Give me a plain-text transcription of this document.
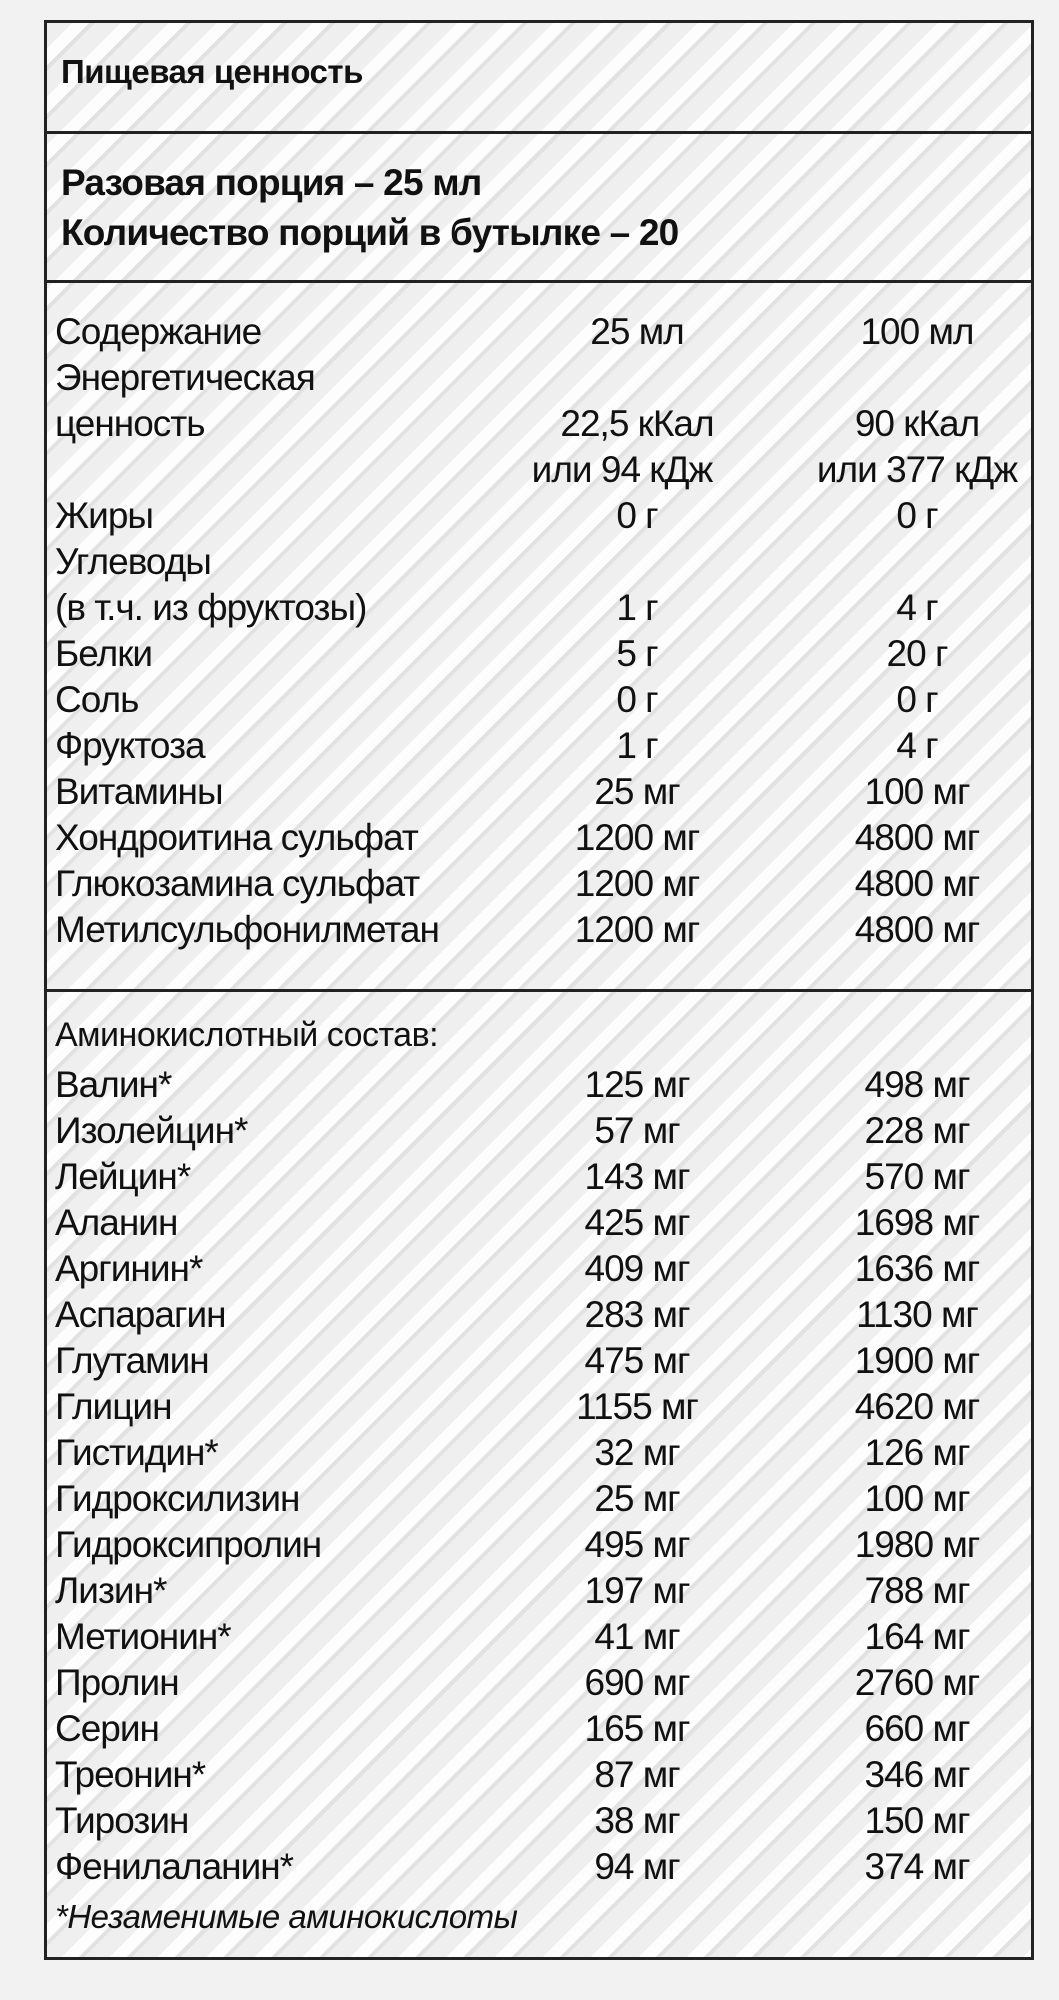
Пищевая ценность
Разовая порция – 25 мл
Количество порций в бутылке – 20
Содержание	25 мл	100 мл
Энергетическая
ценность	22,5 кКал	90 кКал
или 94 кДж	или 377 кДж
Жиры	0 г	0 г
Углеводы
(в т.ч. из фруктозы)	1 г	4 г
Белки	5 г	20 г
Соль	0 г	0 г
Фруктоза	1 г	4 г
Витамины	25 мг	100 мг
Хондроитина сульфат	1200 мг	4800 мг
Глюкозамина сульфат	1200 мг	4800 мг
Метилсульфонилметан	1200 мг	4800 мг
Аминокислотный состав:
Валин*	125 мг	498 мг
Изолейцин*	57 мг	228 мг
Лейцин*	143 мг	570 мг
Аланин	425 мг	1698 мг
Аргинин*	409 мг	1636 мг
Аспарагин	283 мг	1130 мг
Глутамин	475 мг	1900 мг
Глицин	1155 мг	4620 мг
Гистидин*	32 мг	126 мг
Гидроксилизин	25 мг	100 мг
Гидроксипролин	495 мг	1980 мг
Лизин*	197 мг	788 мг
Метионин*	41 мг	164 мг
Пролин	690 мг	2760 мг
Серин	165 мг	660 мг
Треонин*	87 мг	346 мг
Тирозин	38 мг	150 мг
Фенилаланин*	94 мг	374 мг
*Незаменимые аминокислоты
